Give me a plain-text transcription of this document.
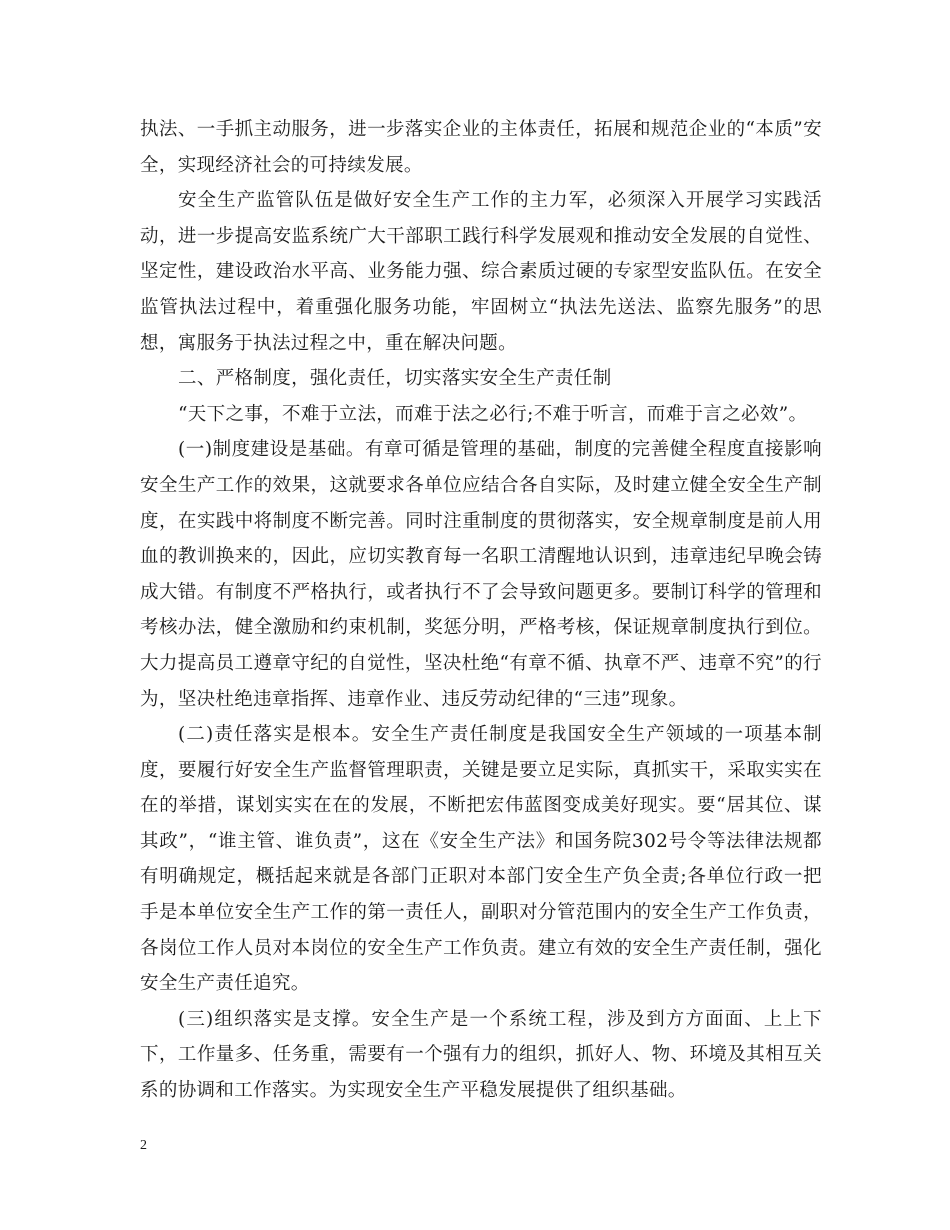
执法、一手抓主动服务，进一步落实企业的主体责任，拓展和规范企业的“本质”安全，实现经济社会的可持续发展。

安全生产监管队伍是做好安全生产工作的主力军，必须深入开展学习实践活动，进一步提高安监系统广大干部职工践行科学发展观和推动安全发展的自觉性、坚定性，建设政治水平高、业务能力强、综合素质过硬的专家型安监队伍。在安全监管执法过程中，着重强化服务功能，牢固树立“执法先送法、监察先服务”的思想，寓服务于执法过程之中，重在解决问题。

二、严格制度，强化责任，切实落实安全生产责任制

“天下之事，不难于立法，而难于法之必行;不难于听言，而难于言之必效”。

(一)制度建设是基础。有章可循是管理的基础，制度的完善健全程度直接影响安全生产工作的效果，这就要求各单位应结合各自实际，及时建立健全安全生产制度，在实践中将制度不断完善。同时注重制度的贯彻落实，安全规章制度是前人用血的教训换来的，因此，应切实教育每一名职工清醒地认识到，违章违纪早晚会铸成大错。有制度不严格执行，或者执行不了会导致问题更多。要制订科学的管理和考核办法，健全激励和约束机制，奖惩分明，严格考核，保证规章制度执行到位。大力提高员工遵章守纪的自觉性，坚决杜绝“有章不循、执章不严、违章不究”的行为，坚决杜绝违章指挥、违章作业、违反劳动纪律的“三违”现象。

(二)责任落实是根本。安全生产责任制度是我国安全生产领域的一项基本制度，要履行好安全生产监督管理职责，关键是要立足实际，真抓实干，采取实实在在的举措，谋划实实在在的发展，不断把宏伟蓝图变成美好现实。要“居其位、谋其政”，“谁主管、谁负责”，这在《安全生产法》和国务院302号令等法律法规都有明确规定，概括起来就是各部门正职对本部门安全生产负全责;各单位行政一把手是本单位安全生产工作的第一责任人，副职对分管范围内的安全生产工作负责，各岗位工作人员对本岗位的安全生产工作负责。建立有效的安全生产责任制，强化安全生产责任追究。

(三)组织落实是支撑。安全生产是一个系统工程，涉及到方方面面、上上下下，工作量多、任务重，需要有一个强有力的组织，抓好人、物、环境及其相互关系的协调和工作落实。为实现安全生产平稳发展提供了组织基础。

2
